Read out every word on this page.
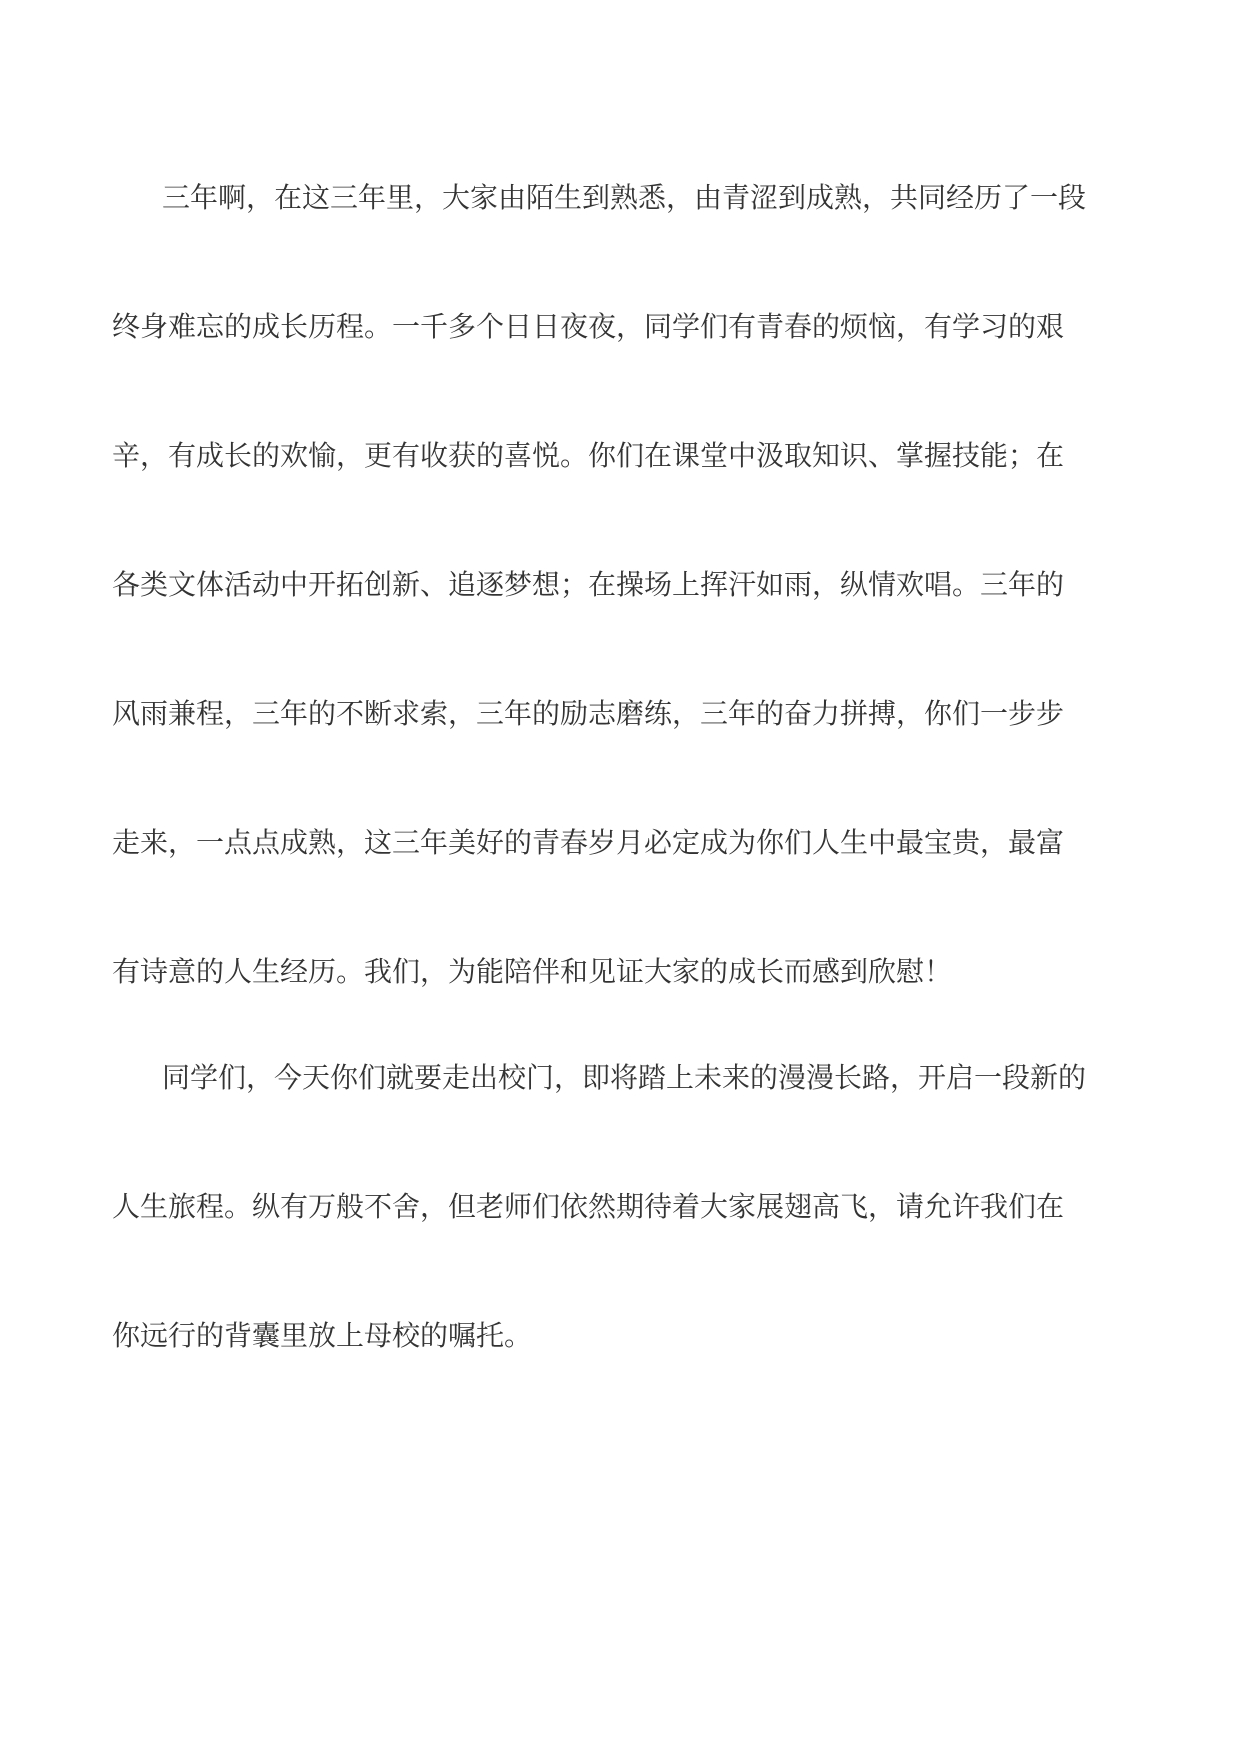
三年啊，在这三年里，大家由陌生到熟悉，由青涩到成熟，共同经历了一段
终身难忘的成长历程。一千多个日日夜夜，同学们有青春的烦恼，有学习的艰
辛，有成长的欢愉，更有收获的喜悦。你们在课堂中汲取知识、掌握技能；在
各类文体活动中开拓创新、追逐梦想；在操场上挥汗如雨，纵情欢唱。三年的
风雨兼程，三年的不断求索，三年的励志磨练，三年的奋力拼搏，你们一步步
走来，一点点成熟，这三年美好的青春岁月必定成为你们人生中最宝贵，最富
有诗意的人生经历。我们，为能陪伴和见证大家的成长而感到欣慰！
同学们，今天你们就要走出校门，即将踏上未来的漫漫长路，开启一段新的
人生旅程。纵有万般不舍，但老师们依然期待着大家展翅高飞，请允许我们在
你远行的背囊里放上母校的嘱托。
